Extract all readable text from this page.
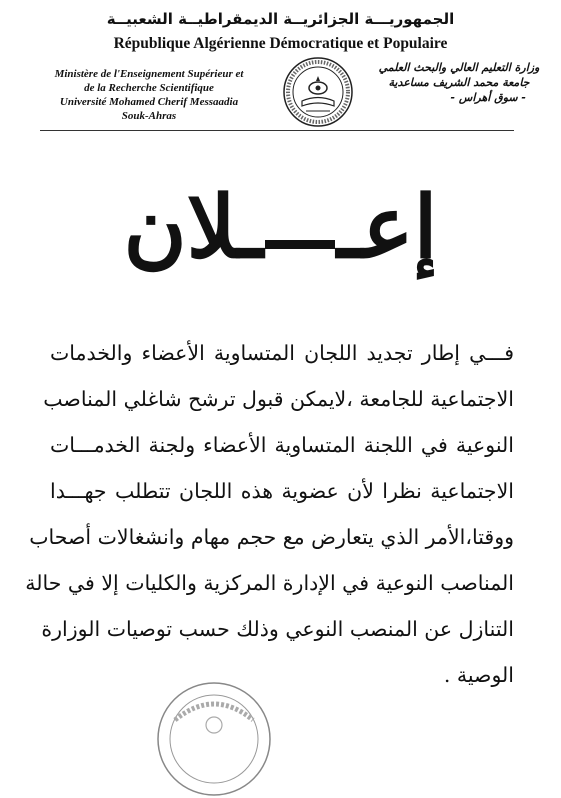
الجمهوريـــة الجزائريــة الديمقراطيــة الشعبيــة
République Algérienne Démocratique et Populaire
Ministère de l'Enseignement Supérieur et
de la Recherche Scientifique
Université Mohamed Cherif Messaadia
Souk-Ahras
وزارة التعليم العالي والبحث العلمي
جامعة محمد الشريف مساعدية
- سوق أهراس -
إعــلان
فـــي إطار تجديد اللجان المتساوية الأعضاء والخدمات
الاجتماعية للجامعة ،لايمكن قبول ترشح شاغلي المناصب
النوعية في اللجنة المتساوية الأعضاء ولجنة الخدمـــات
الاجتماعية نظرا لأن عضوية هذه اللجان تتطلب جهـــدا
ووقتا،الأمر الذي يتعارض مع حجم مهام وانشغالات أصحاب
المناصب النوعية في الإدارة المركزية والكليات إلا في حالة
التنازل عن المنصب النوعي وذلك حسب توصيات الوزارة
الوصية .
